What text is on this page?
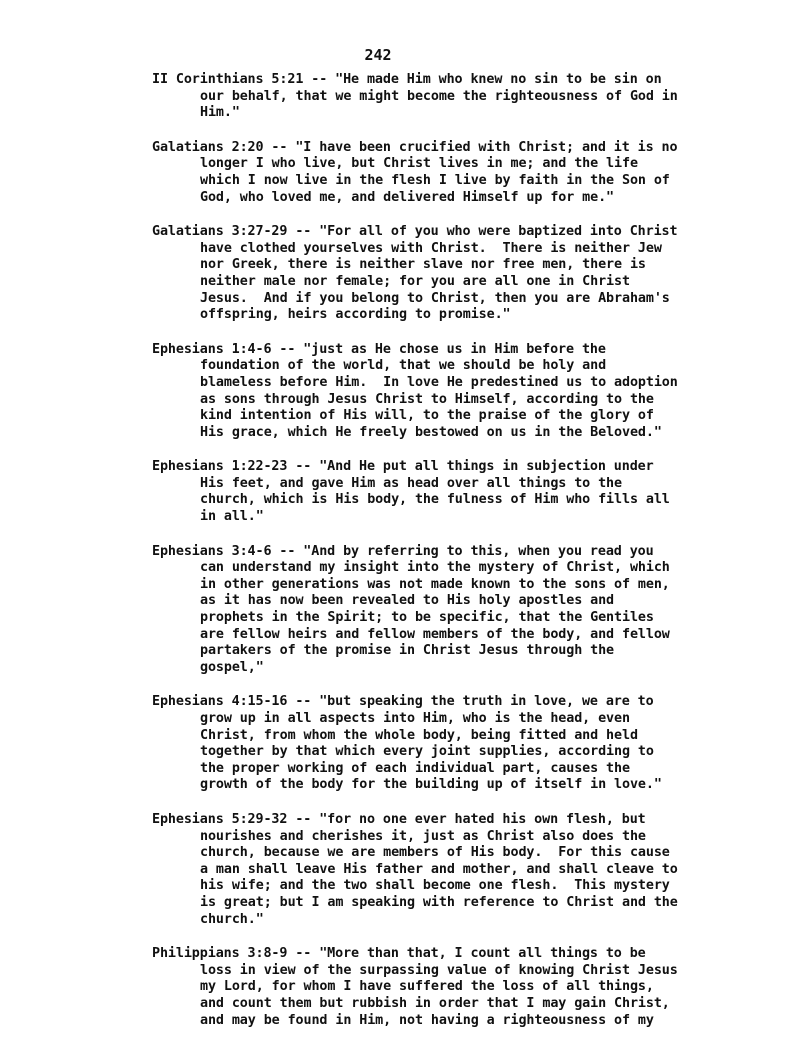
242
II Corinthians 5:21 -- "He made Him who knew no sin to be sin on
our behalf, that we might become the righteousness of God in
Him."
Galatians 2:20 -- "I have been crucified with Christ; and it is no
longer I who live, but Christ lives in me; and the life
which I now live in the flesh I live by faith in the Son of
God, who loved me, and delivered Himself up for me."
Galatians 3:27-29 -- "For all of you who were baptized into Christ
have clothed yourselves with Christ.  There is neither Jew
nor Greek, there is neither slave nor free men, there is
neither male nor female; for you are all one in Christ
Jesus.  And if you belong to Christ, then you are Abraham's
offspring, heirs according to promise."
Ephesians 1:4-6 -- "just as He chose us in Him before the
foundation of the world, that we should be holy and
blameless before Him.  In love He predestined us to adoption
as sons through Jesus Christ to Himself, according to the
kind intention of His will, to the praise of the glory of
His grace, which He freely bestowed on us in the Beloved."
Ephesians 1:22-23 -- "And He put all things in subjection under
His feet, and gave Him as head over all things to the
church, which is His body, the fulness of Him who fills all
in all."
Ephesians 3:4-6 -- "And by referring to this, when you read you
can understand my insight into the mystery of Christ, which
in other generations was not made known to the sons of men,
as it has now been revealed to His holy apostles and
prophets in the Spirit; to be specific, that the Gentiles
are fellow heirs and fellow members of the body, and fellow
partakers of the promise in Christ Jesus through the
gospel,"
Ephesians 4:15-16 -- "but speaking the truth in love, we are to
grow up in all aspects into Him, who is the head, even
Christ, from whom the whole body, being fitted and held
together by that which every joint supplies, according to
the proper working of each individual part, causes the
growth of the body for the building up of itself in love."
Ephesians 5:29-32 -- "for no one ever hated his own flesh, but
nourishes and cherishes it, just as Christ also does the
church, because we are members of His body.  For this cause
a man shall leave His father and mother, and shall cleave to
his wife; and the two shall become one flesh.  This mystery
is great; but I am speaking with reference to Christ and the
church."
Philippians 3:8-9 -- "More than that, I count all things to be
loss in view of the surpassing value of knowing Christ Jesus
my Lord, for whom I have suffered the loss of all things,
and count them but rubbish in order that I may gain Christ,
and may be found in Him, not having a righteousness of my
